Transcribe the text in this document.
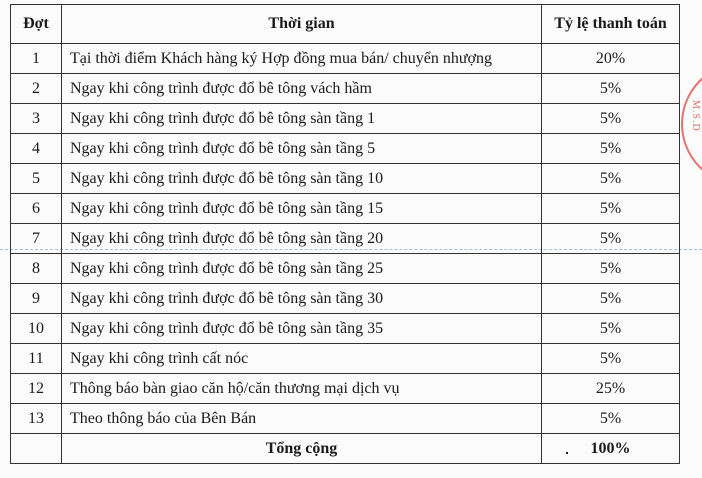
M.S.D
Đợt	Thời gian	Tỷ lệ thanh toán
1	Tại thời điểm Khách hàng ký Hợp đồng mua bán/ chuyển nhượng	20%
2	Ngay khi công trình được đổ bê tông vách hầm	5%
3	Ngay khi công trình được đổ bê tông sàn tầng 1	5%
4	Ngay khi công trình được đổ bê tông sàn tầng 5	5%
5	Ngay khi công trình được đổ bê tông sàn tầng 10	5%
6	Ngay khi công trình được đổ bê tông sàn tầng 15	5%
7	Ngay khi công trình được đổ bê tông sàn tầng 20	5%
8	Ngay khi công trình được đổ bê tông sàn tầng 25	5%
9	Ngay khi công trình được đổ bê tông sàn tầng 30	5%
10	Ngay khi công trình được đổ bê tông sàn tầng 35	5%
11	Ngay khi công trình cất nóc	5%
12	Thông báo bàn giao căn hộ/căn thương mại dịch vụ	25%
13	Theo thông báo của Bên Bán	5%
	Tổng cộng	100%
